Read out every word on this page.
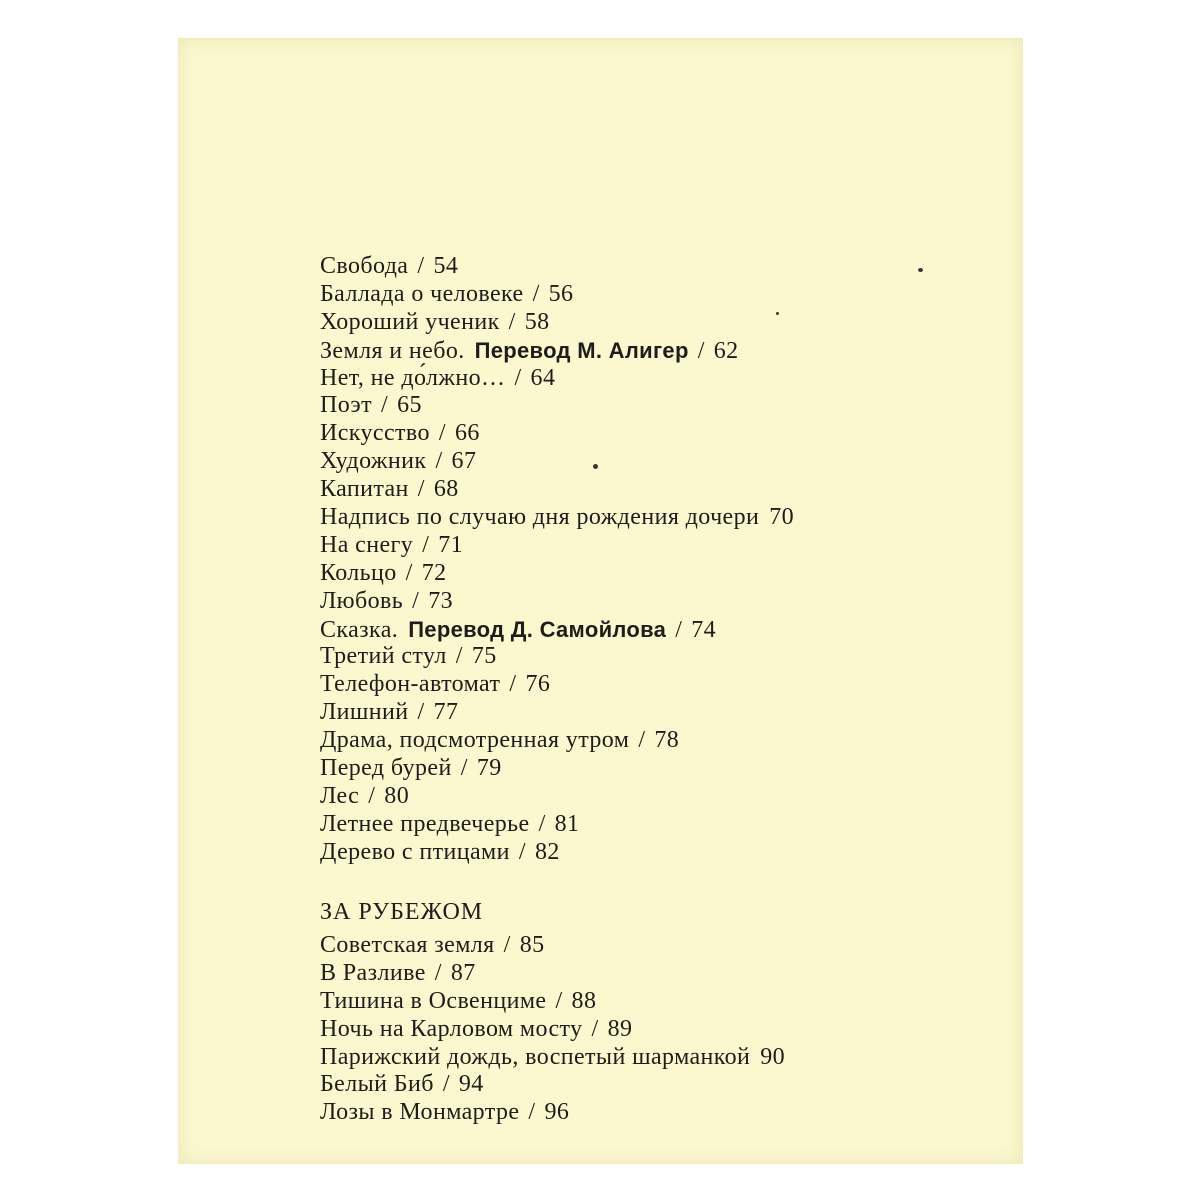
Свобода / 54
Баллада о человеке / 56
Хороший ученик / 58
Земля и небо. Перевод М. Алигер / 62
Нет, не до́лжно… / 64
Поэт / 65
Искусство / 66
Художник / 67
Капитан / 68
Надпись по случаю дня рождения дочери 70
На снегу / 71
Кольцо / 72
Любовь / 73
Сказка. Перевод Д. Самойлова / 74
Третий стул / 75
Телефон-автомат / 76
Лишний / 77
Драма, подсмотренная утром / 78
Перед бурей / 79
Лес / 80
Летнее предвечерье / 81
Дерево с птицами / 82
ЗА РУБЕЖОМ
Советская земля / 85
В Разливе / 87
Тишина в Освенциме / 88
Ночь на Карловом мосту / 89
Парижский дождь, воспетый шарманкой 90
Белый Биб / 94
Лозы в Монмартре / 96
